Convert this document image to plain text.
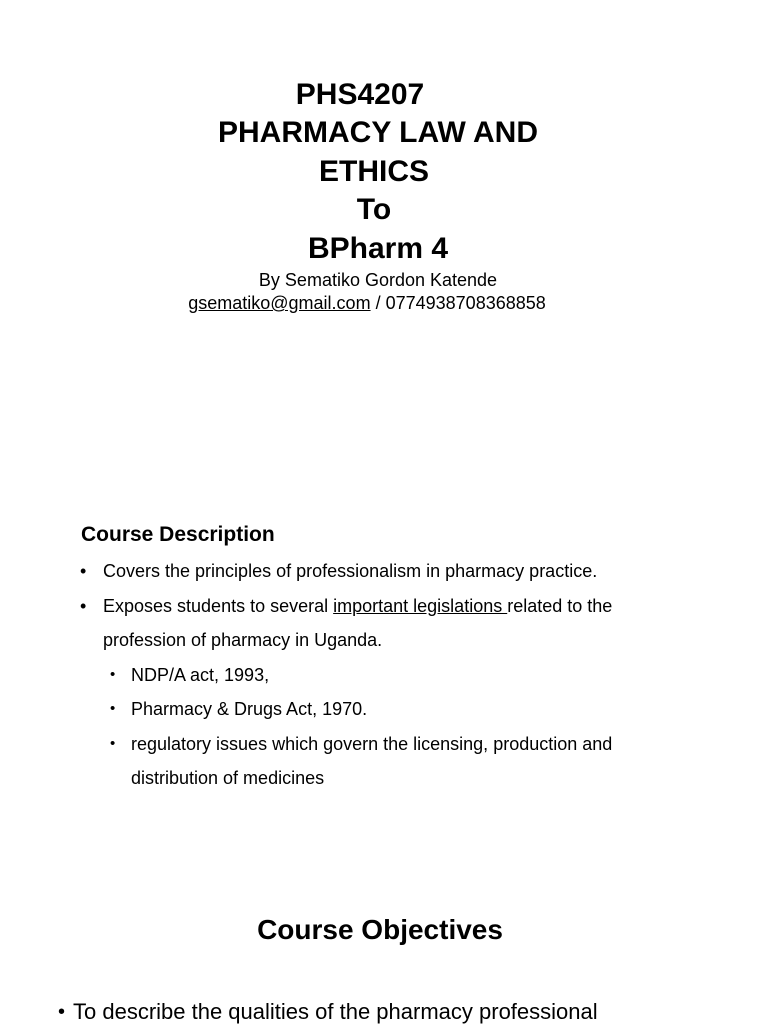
PHS4207
PHARMACY LAW AND
ETHICS
To
BPharm 4
By Sematiko Gordon Katende
gsematiko@gmail.com / 0774938708368858
Course Description
• Covers the principles of professionalism in pharmacy practice.
• Exposes students to several important legislations related to the
profession of pharmacy in Uganda.
• NDP/A act, 1993,
• Pharmacy & Drugs Act, 1970.
• regulatory issues which govern the licensing, production and
distribution of medicines
Course Objectives
• To describe the qualities of the pharmacy professional
